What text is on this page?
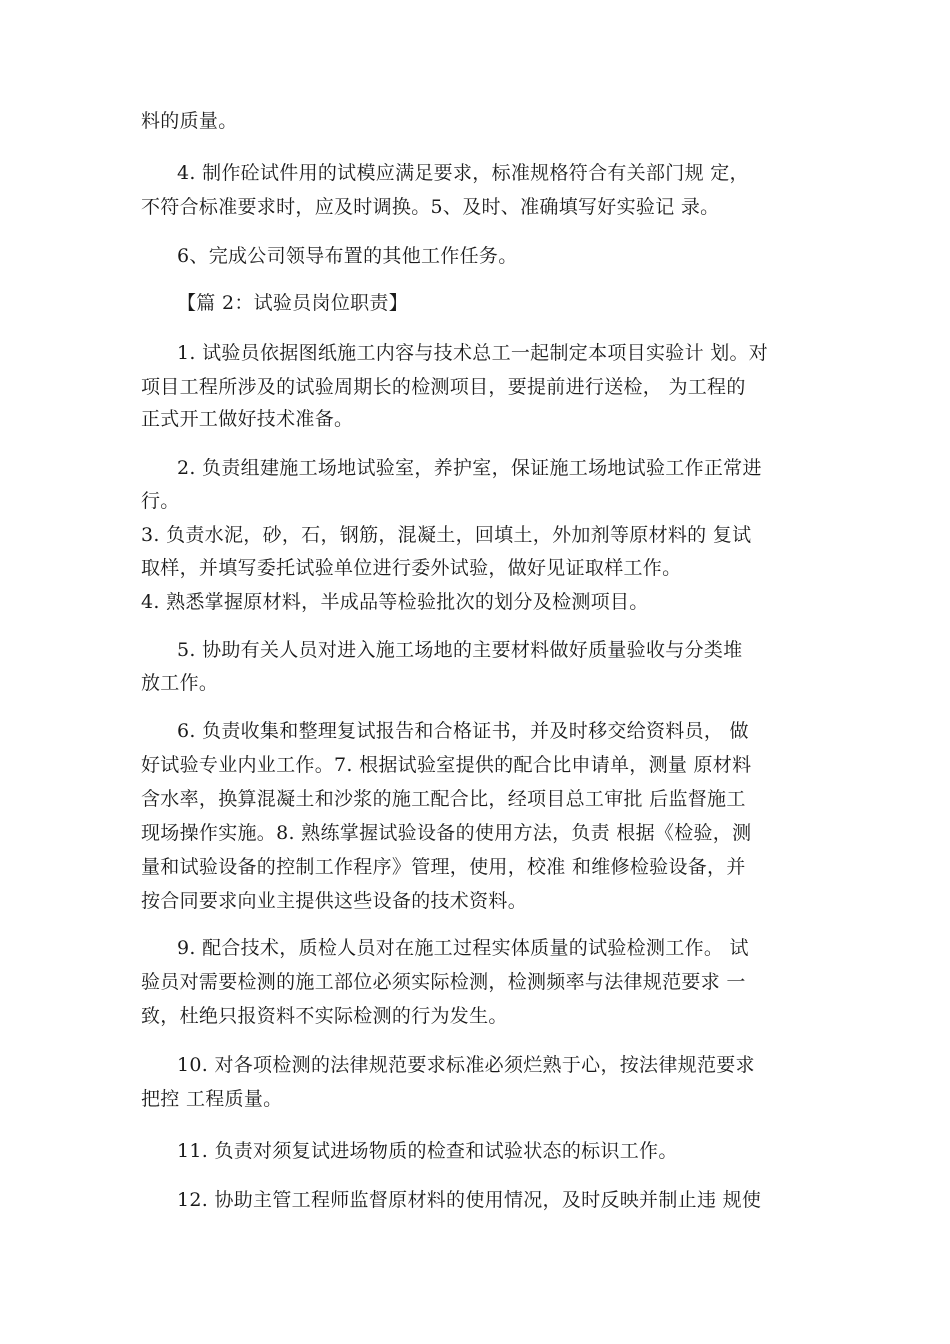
料的质量。
4. 制作砼试件用的试模应满足要求，标准规格符合有关部门规 定，
不符合标准要求时，应及时调换。5、及时、准确填写好实验记 录。
6、完成公司领导布置的其他工作任务。
【篇 2：试验员岗位职责】
1. 试验员依据图纸施工内容与技术总工一起制定本项目实验计 划。对
项目工程所涉及的试验周期长的检测项目，要提前进行送检， 为工程的
正式开工做好技术准备。
2. 负责组建施工场地试验室，养护室，保证施工场地试验工作正常进
行。
3. 负责水泥，砂，石，钢筋，混凝土，回填土，外加剂等原材料的 复试
取样，并填写委托试验单位进行委外试验，做好见证取样工作。
4. 熟悉掌握原材料，半成品等检验批次的划分及检测项目。
5. 协助有关人员对进入施工场地的主要材料做好质量验收与分类堆
放工作。
6. 负责收集和整理复试报告和合格证书，并及时移交给资料员， 做
好试验专业内业工作。7. 根据试验室提供的配合比申请单，测量 原材料
含水率，换算混凝土和沙浆的施工配合比，经项目总工审批 后监督施工
现场操作实施。8. 熟练掌握试验设备的使用方法，负责 根据《检验，测
量和试验设备的控制工作程序》管理，使用，校准 和维修检验设备，并
按合同要求向业主提供这些设备的技术资料。
9. 配合技术，质检人员对在施工过程实体质量的试验检测工作。 试
验员对需要检测的施工部位必须实际检测，检测频率与法律规范要求 一
致，杜绝只报资料不实际检测的行为发生。
10. 对各项检测的法律规范要求标准必须烂熟于心，按法律规范要求
把控 工程质量。
11. 负责对须复试进场物质的检查和试验状态的标识工作。
12. 协助主管工程师监督原材料的使用情况，及时反映并制止违 规使
